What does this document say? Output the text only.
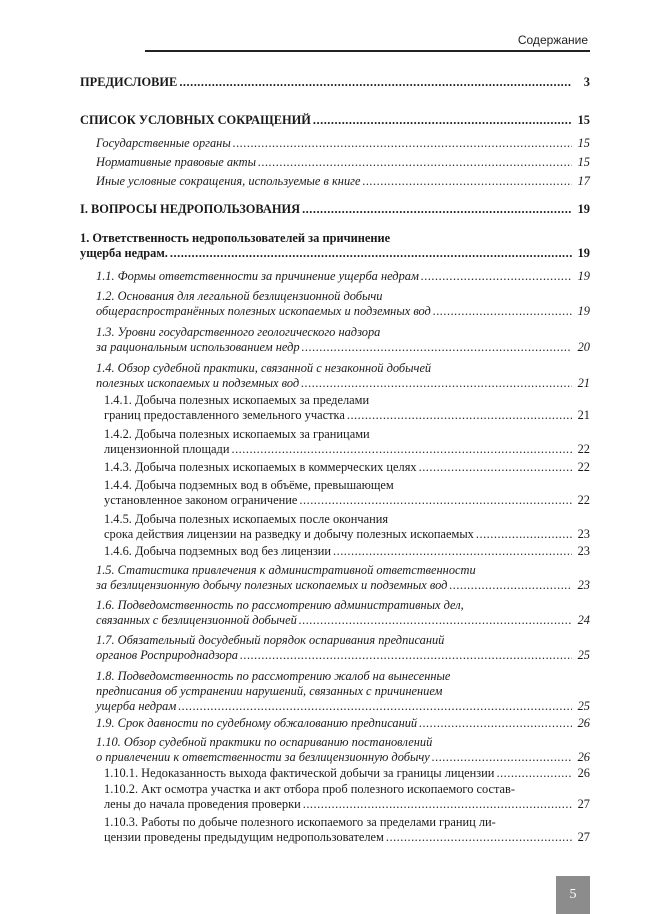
Содержание
ПРЕДИСЛОВИЕ .....	3
СПИСОК УСЛОВНЫХ СОКРАЩЕНИЙ .....	15
Государственные органы .....	15
Нормативные правовые акты .....	15
Иные условные сокращения, используемые в книге .....	17
I. ВОПРОСЫ НЕДРОПОЛЬЗОВАНИЯ .....	19
1. Ответственность недропользователей за причинение
ущерба недрам. .....	19
1.1. Формы ответственности за причинение ущерба недрам .....	19
1.2. Основания для легальной безлицензионной добычи
общераспространённых полезных ископаемых и подземных вод .....	19
1.3. Уровни государственного геологического надзора
за рациональным использованием недр .....	20
1.4. Обзор судебной практики, связанной с незаконной добычей
полезных ископаемых и подземных вод .....	21
1.4.1. Добыча полезных ископаемых за пределами
границ предоставленного земельного участка .....	21
1.4.2. Добыча полезных ископаемых за границами
лицензионной площади .....	22
1.4.3. Добыча полезных ископаемых в коммерческих целях .....	22
1.4.4. Добыча подземных вод в объёме, превышающем
установленное законом ограничение .....	22
1.4.5. Добыча полезных ископаемых после окончания
срока действия лицензии на разведку и добычу полезных ископаемых .....	23
1.4.6. Добыча подземных вод без лицензии .....	23
1.5. Статистика привлечения к административной ответственности
за безлицензионную добычу полезных ископаемых и подземных вод .....	23
1.6. Подведомственность по рассмотрению административных дел,
связанных с безлицензионной добычей .....	24
1.7. Обязательный досудебный порядок оспаривания предписаний
органов Росприроднадзора .....	25
1.8. Подведомственность по рассмотрению жалоб на вынесенные
предписания об устранении нарушений, связанных с причинением
ущерба недрам .....	25
1.9. Срок давности по судебному обжалованию предписаний .....	26
1.10. Обзор судебной практики по оспариванию постановлений
о привлечении к ответственности за безлицензионную добычу .....	26
1.10.1. Недоказанность выхода фактической добычи за границы лицензии .....	26
1.10.2. Акт осмотра участка и акт отбора проб полезного ископаемого состав-
лены до начала проведения проверки .....	27
1.10.3. Работы по добыче полезного ископаемого за пределами границ ли-
цензии проведены предыдущим недропользователем .....	27
5
